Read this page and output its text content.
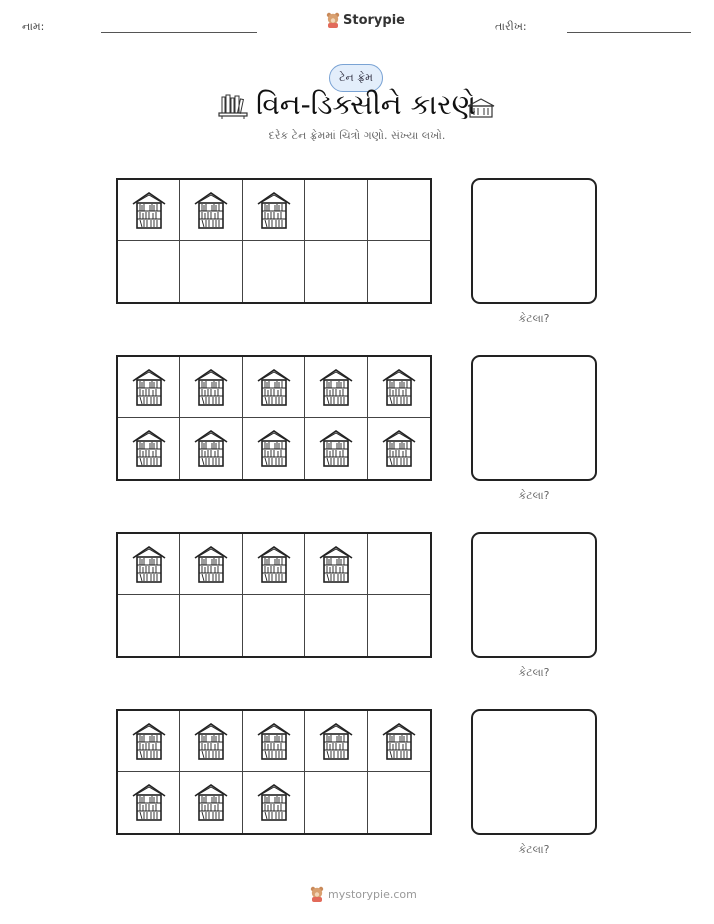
નામ:	તારીખ:
Storypie
ટેન ફ્રેમ
વિન-ડિક્સીને કારણે
દરેક ટેન ફ્રેમમાં ચિત્રો ગણો. સંખ્યા લખો.
કેટલા?
કેટલા?
કેટલા?
કેટલા?
mystorypie.com
